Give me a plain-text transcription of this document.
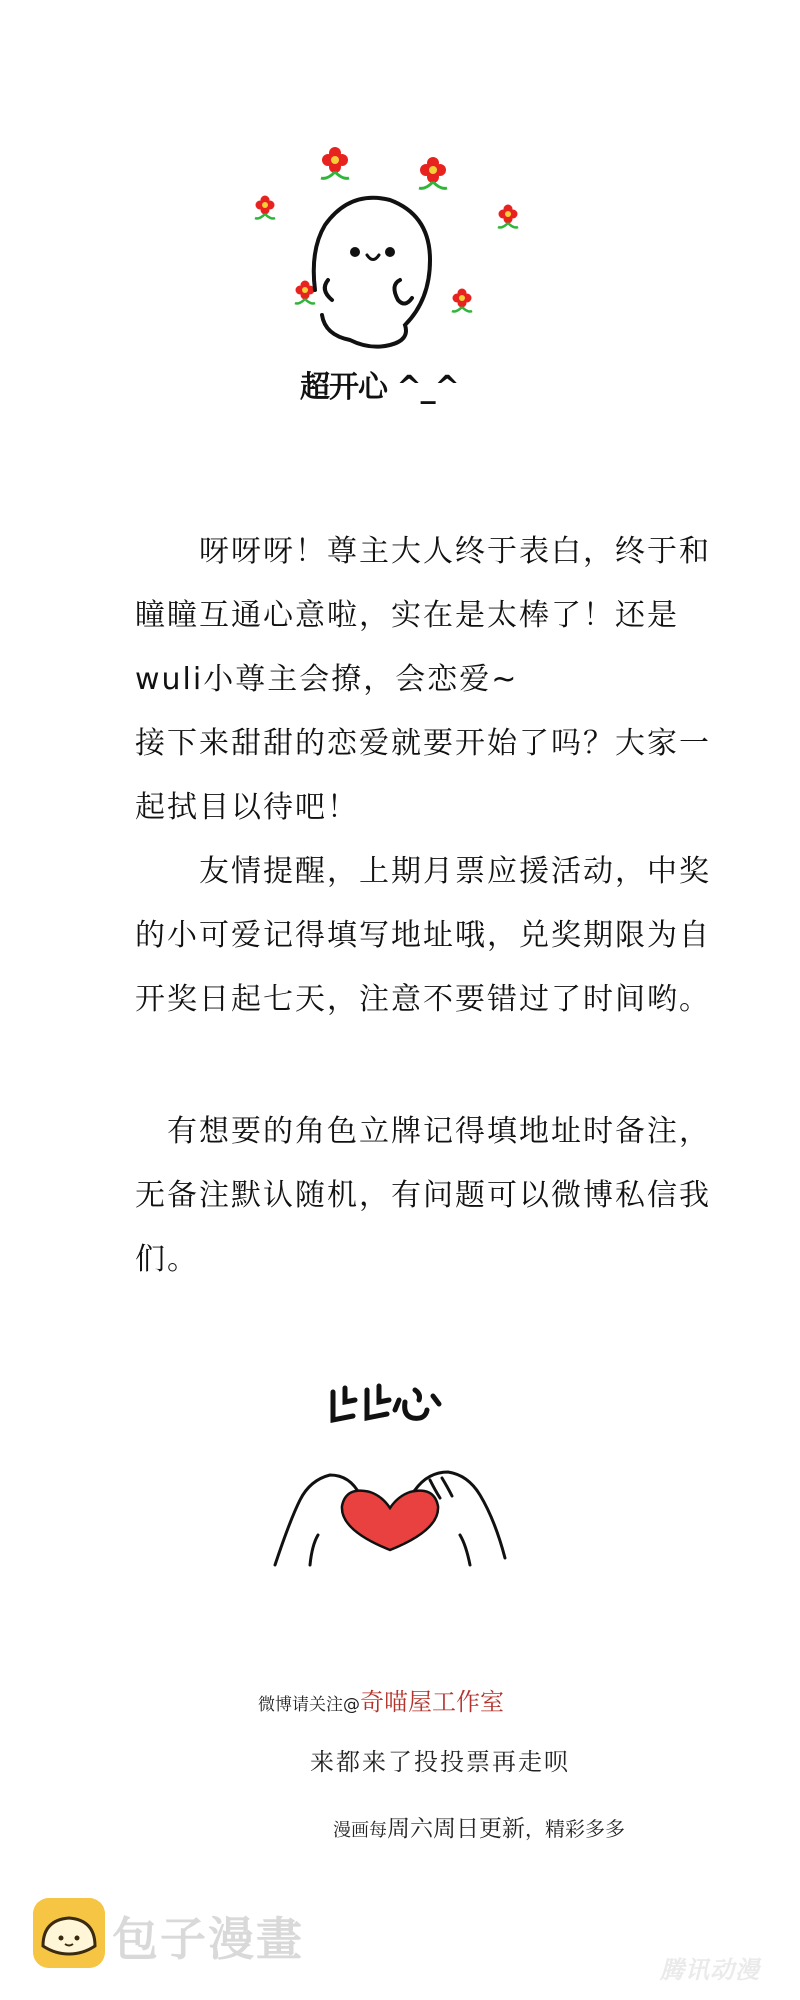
超开心 ^_^

　　呀呀呀！尊主大人终于表白，终于和瞳瞳互通心意啦，实在是太棒了！还是wuli小尊主会撩，会恋爱~
接下来甜甜的恋爱就要开始了吗？大家一起拭目以待吧！

　　友情提醒，上期月票应援活动，中奖的小可爱记得填写地址哦，兑奖期限为自开奖日起七天，注意不要错过了时间哟。

　有想要的角色立牌记得填地址时备注，无备注默认随机，有问题可以微博私信我们。

微博请关注@奇喵屋工作室
来都来了投投票再走呗
漫画每周六周日更新，精彩多多
包子漫畫
腾讯动漫
